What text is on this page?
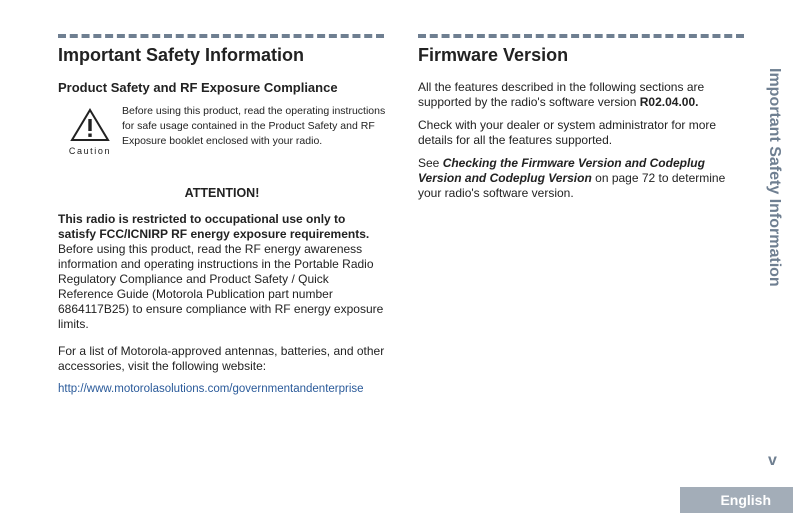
Important Safety Information
Product Safety and RF Exposure Compliance
Caution
Before using this product, read the operating instructions for safe usage contained in the Product Safety and RF Exposure booklet enclosed with your radio.
ATTENTION!

This radio is restricted to occupational use only to satisfy FCC/ICNIRP RF energy exposure requirements. Before using this product, read the RF energy awareness information and operating instructions in the Portable Radio Regulatory Compliance and Product Safety / Quick Reference Guide (Motorola Publication part number 6864117B25) to ensure compliance with RF energy exposure limits.

For a list of Motorola-approved antennas, batteries, and other accessories, visit the following website:

http://www.motorolasolutions.com/governmentandenterprise
Firmware Version

All the features described in the following sections are supported by the radio's software version R02.04.00.

Check with your dealer or system administrator for more details for all the features supported.

See Checking the Firmware Version and Codeplug Version and Codeplug Version on page 72 to determine your radio's software version.	Important Safety Information
v
English
